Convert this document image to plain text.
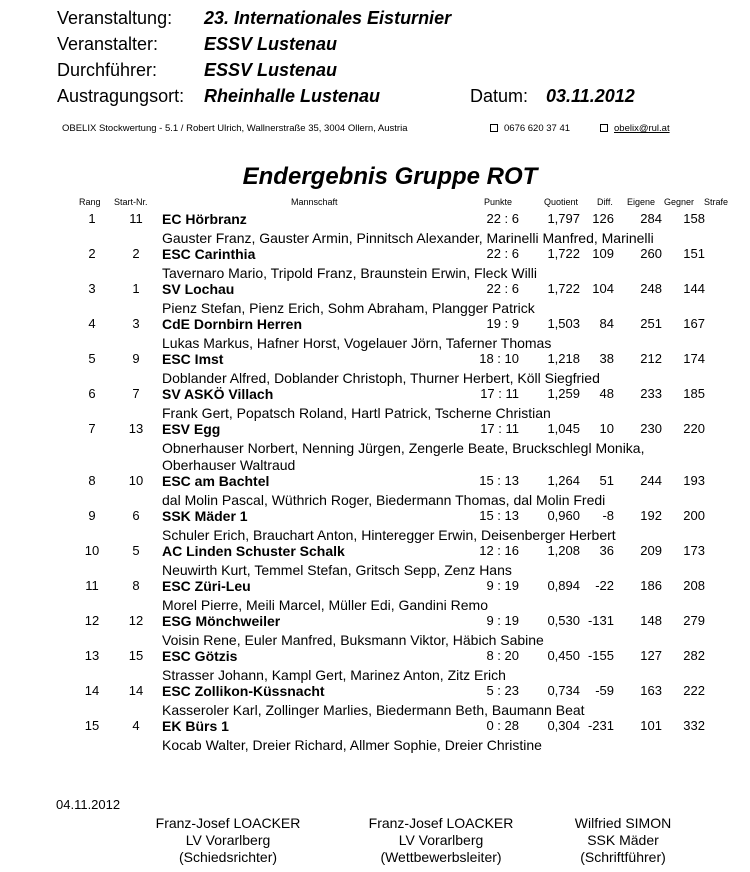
Veranstaltung: 23. Internationales Eisturnier
Veranstalter:	ESSV Lustenau
Durchführer:	ESSV Lustenau
Austragungsort: Rheinhalle Lustenau	Datum: 03.11.2012
OBELIX Stockwertung - 5.1 / Robert Ulrich, Wallnerstraße 35, 3004 Ollern, Austria	0676 620 37 41	obelix@rul.at
Endergebnis Gruppe ROT
Rang Start-Nr.	Mannschaft	Punkte	Quotient Diff. Eigene Gegner Strafe
1	11	EC Hörbranz	22 : 6	1,797 126	284	158
Gauster Franz, Gauster Armin, Pinnitsch Alexander, Marinelli Manfred, Marinelli
2	2	ESC Carinthia	22 : 6	1,722 109	260	151
Tavernaro Mario, Tripold Franz, Braunstein Erwin, Fleck Willi
3	1	SV Lochau	22 : 6	1,722 104	248	144
Pienz Stefan, Pienz Erich, Sohm Abraham, Plangger Patrick
4	3	CdE Dornbirn Herren	19 : 9	1,503	84	251	167
Lukas Markus, Hafner Horst, Vogelauer Jörn, Taferner Thomas
5	9	ESC Imst	18 : 10	1,218	38	212	174
Doblander Alfred, Doblander Christoph, Thurner Herbert, Köll Siegfried
6	7	SV ASKÖ Villach	17 : 11	1,259	48	233	185
Frank Gert, Popatsch Roland, Hartl Patrick, Tscherne Christian
7	13	ESV Egg	17 : 11	1,045	10	230	220
Obnerhauser Norbert, Nenning Jürgen, Zengerle Beate, Bruckschlegl Monika,
Oberhauser Waltraud
8	10	ESC am Bachtel	15 : 13	1,264	51	244	193
dal Molin Pascal, Wüthrich Roger, Biedermann Thomas, dal Molin Fredi
9	6	SSK Mäder 1	15 : 13	0,960	-8	192	200
Schuler Erich, Brauchart Anton, Hinteregger Erwin, Deisenberger Herbert
10	5	AC Linden Schuster Schalk	12 : 16	1,208	36	209	173
Neuwirth Kurt, Temmel Stefan, Gritsch Sepp, Zenz Hans
11	8	ESC Züri-Leu	9 : 19	0,894	-22	186	208
Morel Pierre, Meili Marcel, Müller Edi, Gandini Remo
12	12	ESG Mönchweiler	9 : 19	0,530 -131	148	279
Voisin Rene, Euler Manfred, Buksmann Viktor, Häbich Sabine
13	15	ESC Götzis	8 : 20	0,450 -155	127	282
Strasser Johann, Kampl Gert, Marinez Anton, Zitz Erich
14	14	ESC Zollikon-Küssnacht	5 : 23	0,734	-59	163	222
Kasseroler Karl, Zollinger Marlies, Biedermann Beth, Baumann Beat
15	4	EK Bürs 1	0 : 28	0,304 -231	101	332
Kocab Walter, Dreier Richard, Allmer Sophie, Dreier Christine
04.11.2012
Franz-Josef LOACKER
LV Vorarlberg
(Schiedsrichter)
Franz-Josef LOACKER
LV Vorarlberg
(Wettbewerbsleiter)
Wilfried SIMON
SSK Mäder
(Schriftführer)
